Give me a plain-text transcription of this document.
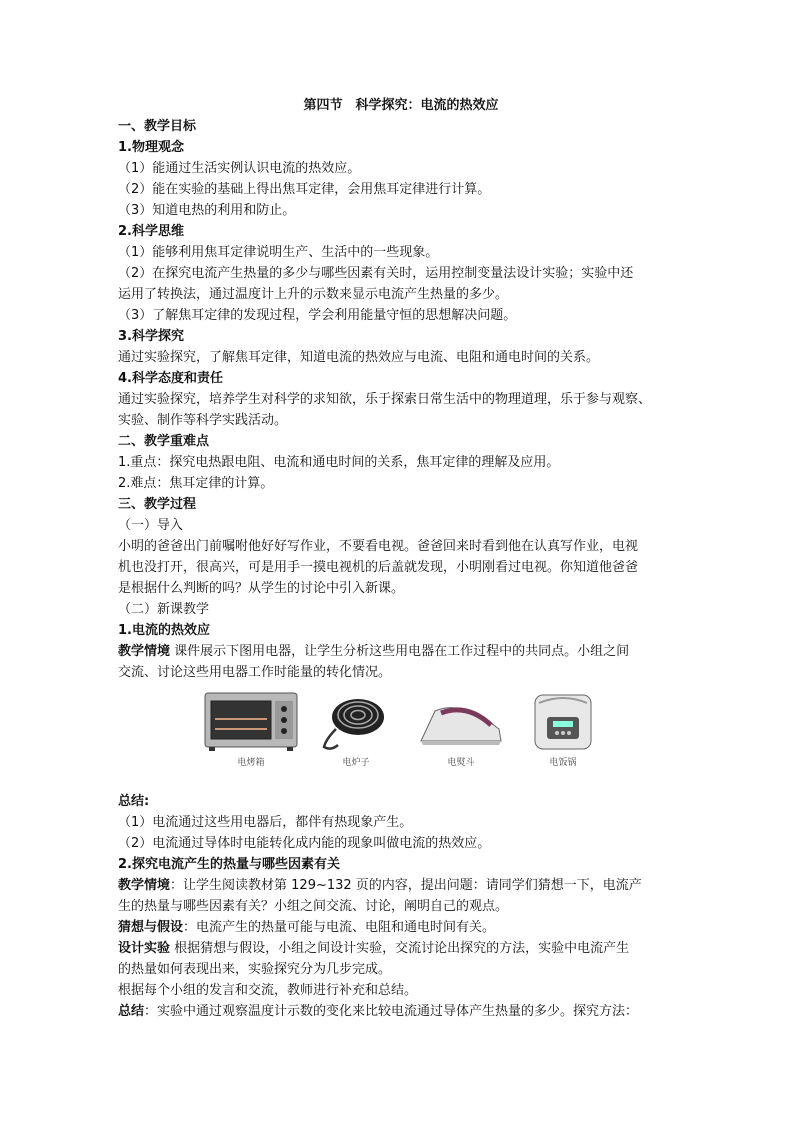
第四节　科学探究：电流的热效应
一、教学目标
1.物理观念
（1）能通过生活实例认识电流的热效应。
（2）能在实验的基础上得出焦耳定律，会用焦耳定律进行计算。
（3）知道电热的利用和防止。
2.科学思维
（1）能够利用焦耳定律说明生产、生活中的一些现象。
（2）在探究电流产生热量的多少与哪些因素有关时，运用控制变量法设计实验；实验中还
运用了转换法，通过温度计上升的示数来显示电流产生热量的多少。
（3）了解焦耳定律的发现过程，学会利用能量守恒的思想解决问题。
3.科学探究
通过实验探究，了解焦耳定律，知道电流的热效应与电流、电阻和通电时间的关系。
4.科学态度和责任
通过实验探究，培养学生对科学的求知欲，乐于探索日常生活中的物理道理，乐于参与观察、
实验、制作等科学实践活动。
二、教学重难点
1.重点：探究电热跟电阻、电流和通电时间的关系，焦耳定律的理解及应用。
2.难点：焦耳定律的计算。
三、教学过程
（一）导入
小明的爸爸出门前嘱咐他好好写作业，不要看电视。爸爸回来时看到他在认真写作业，电视
机也没打开，很高兴，可是用手一摸电视机的后盖就发现，小明刚看过电视。你知道他爸爸
是根据什么判断的吗？从学生的讨论中引入新课。
（二）新课教学
1.电流的热效应
教学情境 课件展示下图用电器，让学生分析这些用电器在工作过程中的共同点。小组之间
交流、讨论这些用电器工作时能量的转化情况。
电烤箱	电炉子	电熨斗	电饭锅
总结:
（1）电流通过这些用电器后，都伴有热现象产生。
（2）电流通过导体时电能转化成内能的现象叫做电流的热效应。
2.探究电流产生的热量与哪些因素有关
教学情境：让学生阅读教材第 129~132 页的内容，提出问题：请同学们猜想一下，电流产
生的热量与哪些因素有关？小组之间交流、讨论，阐明自己的观点。
猜想与假设：电流产生的热量可能与电流、电阻和通电时间有关。
设计实验 根据猜想与假设，小组之间设计实验，交流讨论出探究的方法，实验中电流产生
的热量如何表现出来，实验探究分为几步完成。
根据每个小组的发言和交流，教师进行补充和总结。
总结：实验中通过观察温度计示数的变化来比较电流通过导体产生热量的多少。探究方法：
